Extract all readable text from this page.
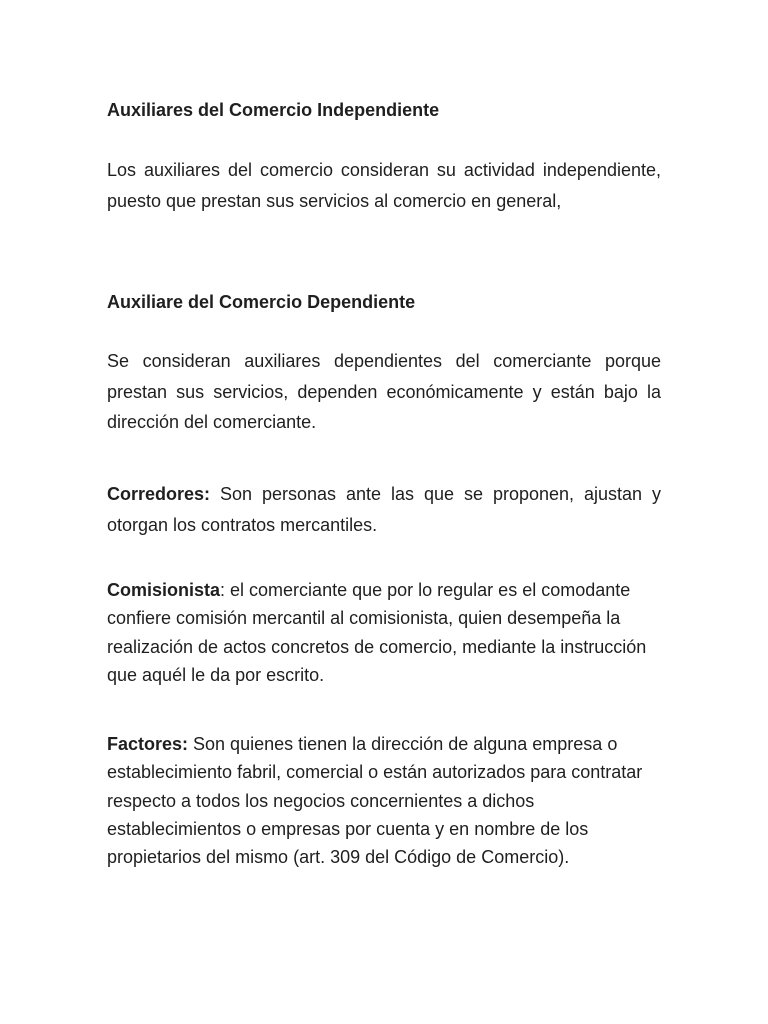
Auxiliares del Comercio Independiente

Los auxiliares del comercio consideran su actividad independiente, puesto que prestan sus servicios al comercio en general,

Auxiliare del Comercio Dependiente

Se consideran auxiliares dependientes del comerciante porque prestan sus servicios, dependen económicamente y están bajo la dirección del comerciante.

Corredores: Son personas ante las que se proponen, ajustan y otorgan los contratos mercantiles.

Comisionista: el comerciante que por lo regular es el comodante confiere comisión mercantil al comisionista, quien desempeña la realización de actos concretos de comercio, mediante la instrucción que aquél le da por escrito.

Factores: Son quienes tienen la dirección de alguna empresa o establecimiento fabril, comercial o están autorizados para contratar respecto a todos los negocios concernientes a dichos establecimientos o empresas por cuenta y en nombre de los propietarios del mismo (art. 309 del Código de Comercio).
